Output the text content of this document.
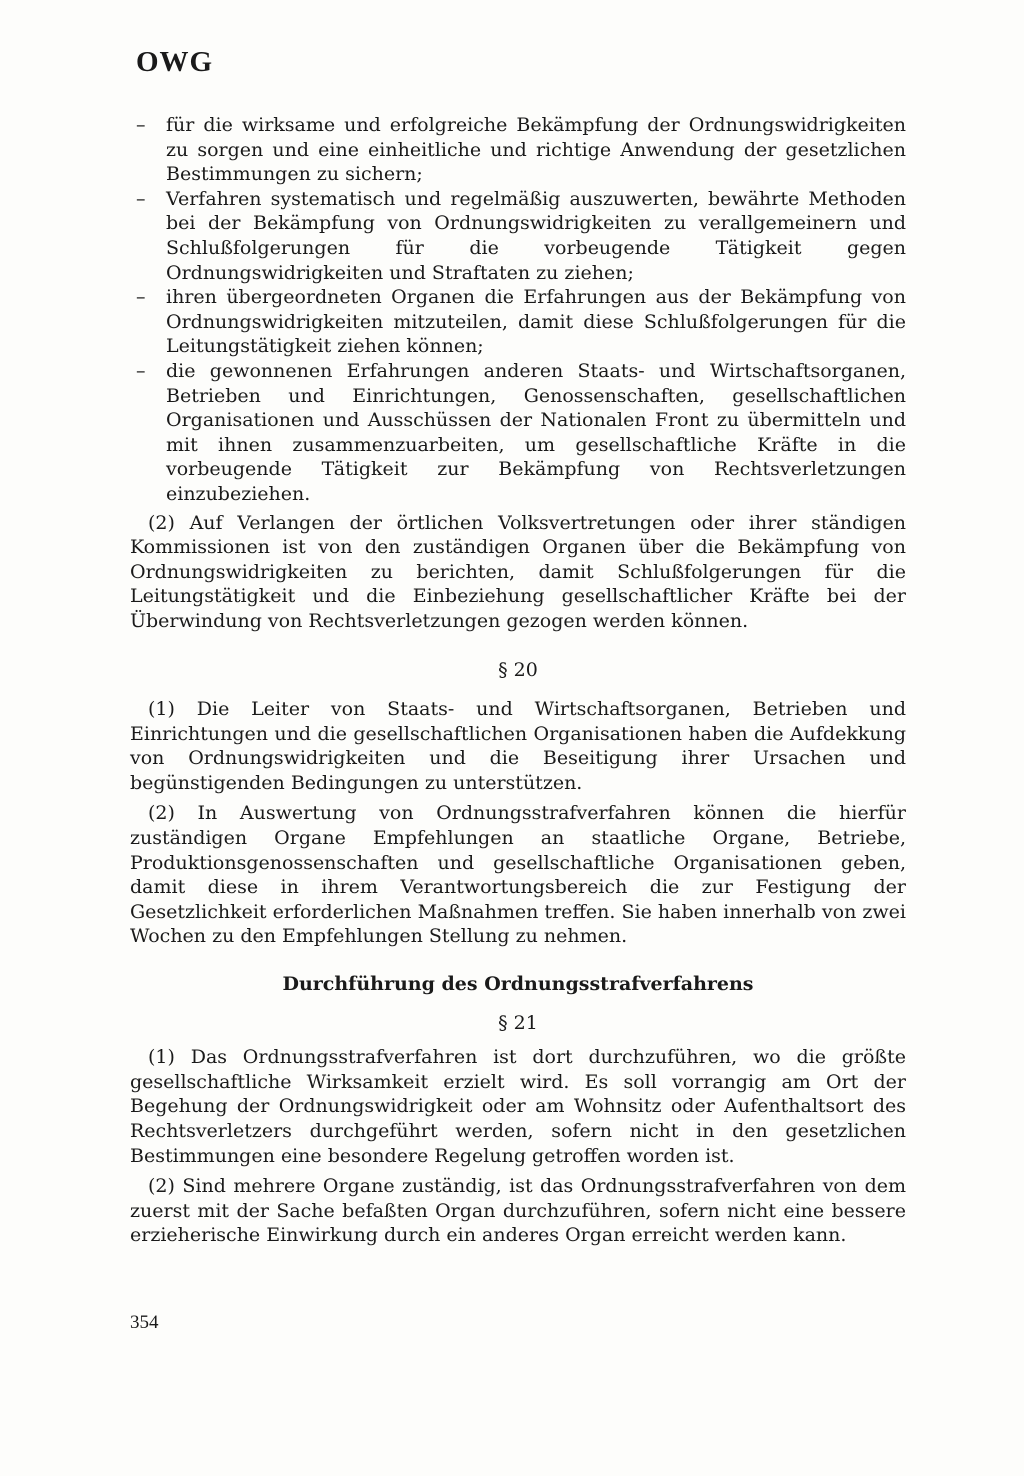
OWG

– für die wirksame und erfolgreiche Bekämpfung der Ordnungswidrigkeiten zu sorgen und eine einheitliche und richtige Anwendung der gesetzlichen Bestimmungen zu sichern;

– Verfahren systematisch und regelmäßig auszuwerten, bewährte Methoden bei der Bekämpfung von Ordnungswidrigkeiten zu verallgemeinern und Schlußfolgerungen für die vorbeugende Tätigkeit gegen Ordnungswidrigkeiten und Straftaten zu ziehen;

– ihren übergeordneten Organen die Erfahrungen aus der Bekämpfung von Ordnungswidrigkeiten mitzuteilen, damit diese Schlußfolgerungen für die Leitungstätigkeit ziehen können;

– die gewonnenen Erfahrungen anderen Staats- und Wirtschaftsorganen, Betrieben und Einrichtungen, Genossenschaften, gesellschaftlichen Organisationen und Ausschüssen der Nationalen Front zu übermitteln und mit ihnen zusammenzuarbeiten, um gesellschaftliche Kräfte in die vorbeugende Tätigkeit zur Bekämpfung von Rechtsverletzungen einzubeziehen.

(2) Auf Verlangen der örtlichen Volksvertretungen oder ihrer ständigen Kommissionen ist von den zuständigen Organen über die Bekämpfung von Ordnungswidrigkeiten zu berichten, damit Schlußfolgerungen für die Leitungstätigkeit und die Einbeziehung gesellschaftlicher Kräfte bei der Überwindung von Rechtsverletzungen gezogen werden können.

§ 20

(1) Die Leiter von Staats- und Wirtschaftsorganen, Betrieben und Einrichtungen und die gesellschaftlichen Organisationen haben die Aufdekkung von Ordnungswidrigkeiten und die Beseitigung ihrer Ursachen und begünstigenden Bedingungen zu unterstützen.

(2) In Auswertung von Ordnungsstrafverfahren können die hierfür zuständigen Organe Empfehlungen an staatliche Organe, Betriebe, Produktionsgenossenschaften und gesellschaftliche Organisationen geben, damit diese in ihrem Verantwortungsbereich die zur Festigung der Gesetzlichkeit erforderlichen Maßnahmen treffen. Sie haben innerhalb von zwei Wochen zu den Empfehlungen Stellung zu nehmen.

Durchführung des Ordnungsstrafverfahrens

§ 21

(1) Das Ordnungsstrafverfahren ist dort durchzuführen, wo die größte gesellschaftliche Wirksamkeit erzielt wird. Es soll vorrangig am Ort der Begehung der Ordnungswidrigkeit oder am Wohnsitz oder Aufenthaltsort des Rechtsverletzers durchgeführt werden, sofern nicht in den gesetzlichen Bestimmungen eine besondere Regelung getroffen worden ist.

(2) Sind mehrere Organe zuständig, ist das Ordnungsstrafverfahren von dem zuerst mit der Sache befaßten Organ durchzuführen, sofern nicht eine bessere erzieherische Einwirkung durch ein anderes Organ erreicht werden kann.

354
